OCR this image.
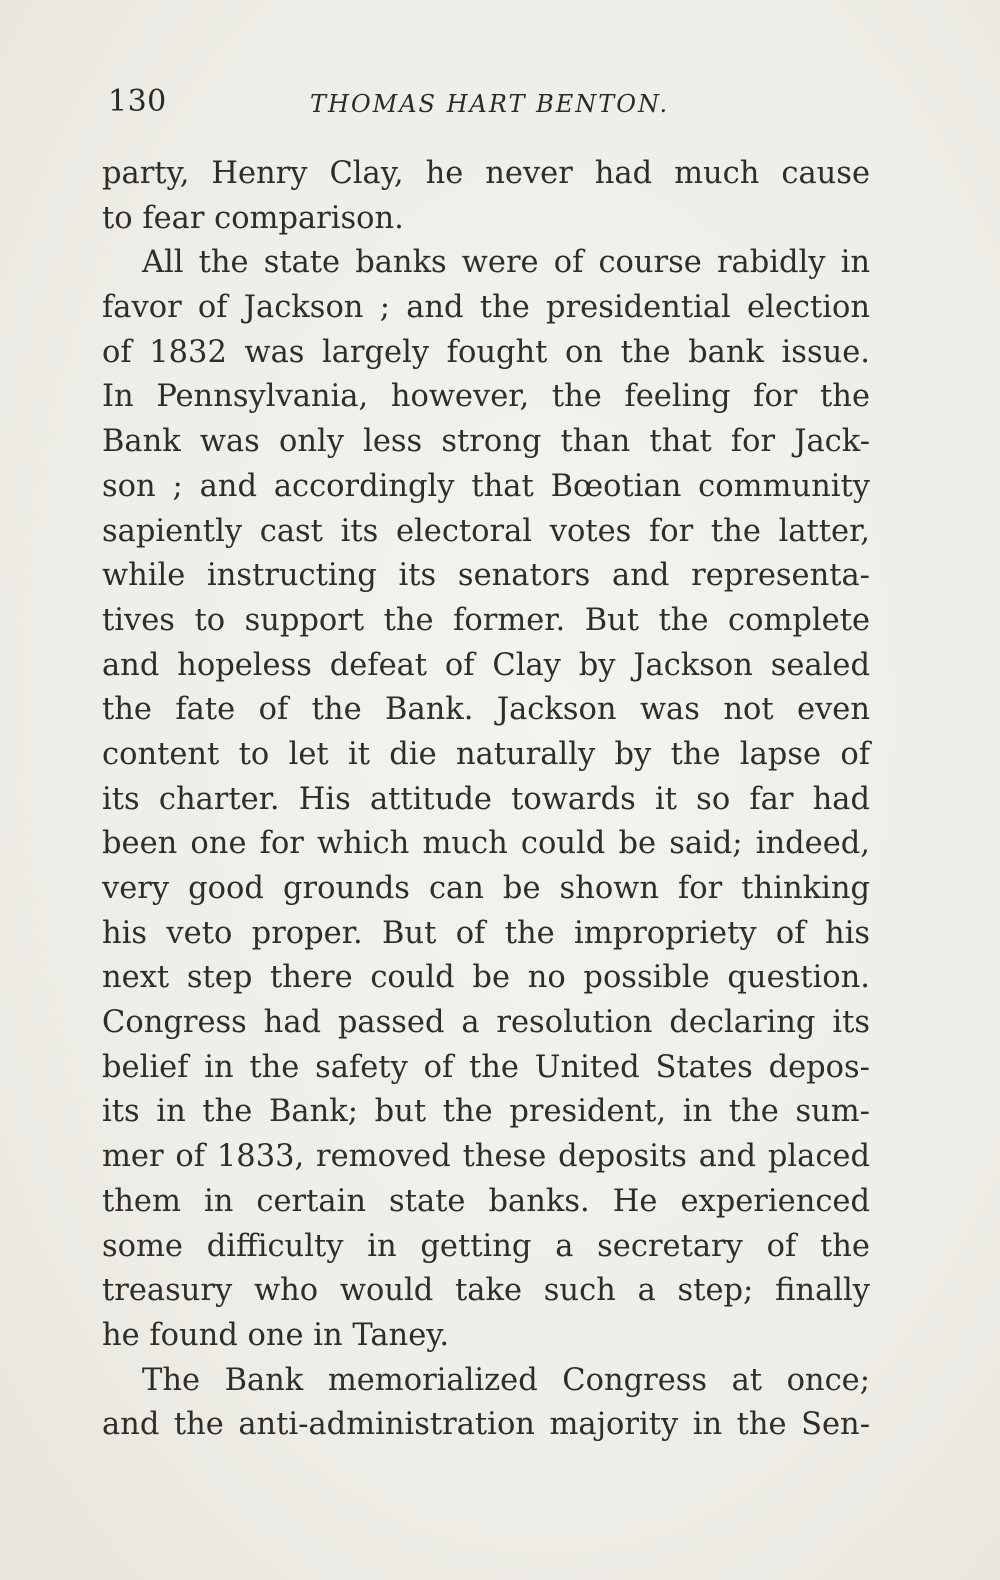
130	THOMAS HART BENTON.
party, Henry Clay, he never had much cause
to fear comparison.
All the state banks were of course rabidly in
favor of Jackson ; and the presidential election
of 1832 was largely fought on the bank issue.
In Pennsylvania, however, the feeling for the
Bank was only less strong than that for Jack-
son ; and accordingly that Bœotian community
sapiently cast its electoral votes for the latter,
while instructing its senators and representa-
tives to support the former. But the complete
and hopeless defeat of Clay by Jackson sealed
the fate of the Bank. Jackson was not even
content to let it die naturally by the lapse of
its charter. His attitude towards it so far had
been one for which much could be said; indeed,
very good grounds can be shown for thinking
his veto proper. But of the impropriety of his
next step there could be no possible question.
Congress had passed a resolution declaring its
belief in the safety of the United States depos-
its in the Bank; but the president, in the sum-
mer of 1833, removed these deposits and placed
them in certain state banks. He experienced
some difficulty in getting a secretary of the
treasury who would take such a step; finally
he found one in Taney.
The Bank memorialized Congress at once;
and the anti-administration majority in the Sen-
